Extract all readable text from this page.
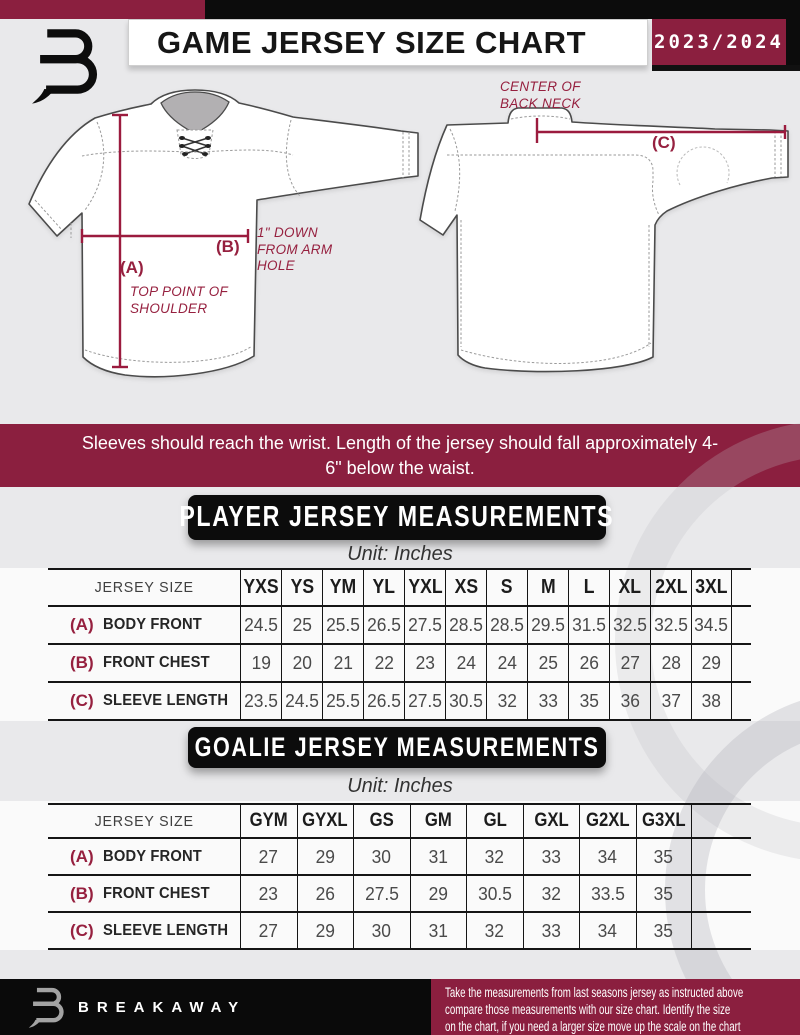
GAME JERSEY SIZE CHART	2023/2024
(A)
TOP POINT OF SHOULDER
(B)
1" DOWN FROM ARM HOLE
(C)
CENTER OF BACK NECK
Sleeves should reach the wrist. Length of the jersey should fall approximately 4-6" below the waist.
PLAYER JERSEY MEASUREMENTS
Unit: Inches
JERSEY SIZE YXS YS YM YL YXL XS S M L XL 2XL 3XL
(A) BODY FRONT 24.5 25 25.5 26.5 27.5 28.5 28.5 29.5 31.5 32.5 32.5 34.5
(B) FRONT CHEST 19 20 21 22 23 24 24 25 26 27 28 29
(C) SLEEVE LENGTH 23.5 24.5 25.5 26.5 27.5 30.5 32 33 35 36 37 38
GOALIE JERSEY MEASUREMENTS
Unit: Inches
JERSEY SIZE	GYM GYXL GS GM GL GXL G2XL G3XL
(A) BODY FRONT	27 29 30 31 32 33 34 35
(B) FRONT CHEST	23 26 27.5 29 30.5 32 33.5 35
(C) SLEEVE LENGTH 27 29 30 31 32 33 34 35
BREAKAWAY
Take the measurements from last seasons jersey as instructed above
compare those measurements with our size chart. Identify the size
on the chart, if you need a larger size move up the scale on the chart
